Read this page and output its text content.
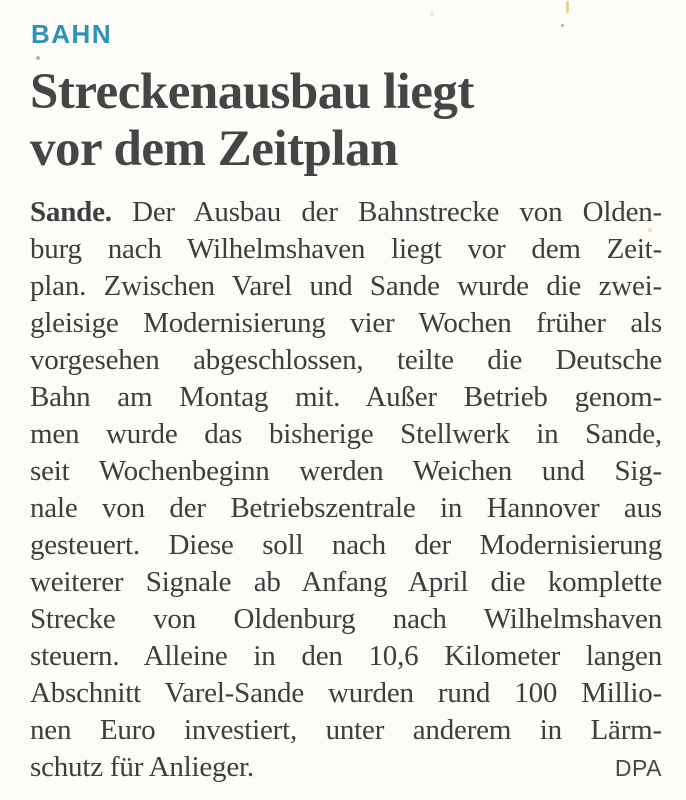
BAHN
Streckenausbau liegt
vor dem Zeitplan
Sande. Der Ausbau der Bahnstrecke von Olden-
burg nach Wilhelmshaven liegt vor dem Zeit-
plan. Zwischen Varel und Sande wurde die zwei-
gleisige Modernisierung vier Wochen früher als
vorgesehen abgeschlossen, teilte die Deutsche
Bahn am Montag mit. Außer Betrieb genom-
men wurde das bisherige Stellwerk in Sande,
seit Wochenbeginn werden Weichen und Sig-
nale von der Betriebszentrale in Hannover aus
gesteuert. Diese soll nach der Modernisierung
weiterer Signale ab Anfang April die komplette
Strecke von Oldenburg nach Wilhelmshaven
steuern. Alleine in den 10,6 Kilometer langen
Abschnitt Varel-Sande wurden rund 100 Millio-
nen Euro investiert, unter anderem in Lärm-
schutz für Anlieger.	DPA
